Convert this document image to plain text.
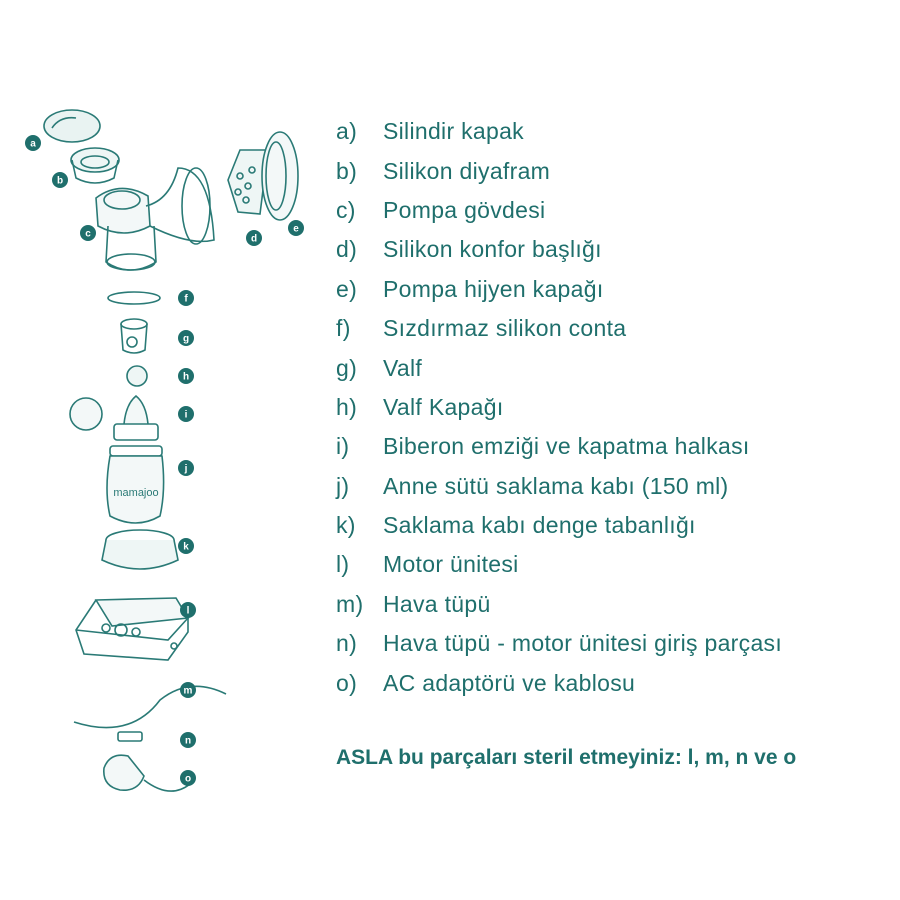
mamajoo
a
b
c	d
e
f
g
h
i
j
k
l
m
n
o
a)	Silindir kapak
b)	Silikon diyafram
c)	Pompa gövdesi
d)	Silikon konfor başlığı
e)	Pompa hijyen kapağı
f)	Sızdırmaz silikon conta
g)	Valf
h)	Valf Kapağı
i)	Biberon emziği ve kapatma halkası
j)	Anne sütü saklama kabı (150 ml)
k)	Saklama kabı denge tabanlığı
l)	Motor ünitesi
m) Hava tüpü
n)	Hava tüpü - motor ünitesi giriş parçası
o)	AC adaptörü ve kablosu
ASLA bu parçaları steril etmeyiniz: l, m, n ve o
